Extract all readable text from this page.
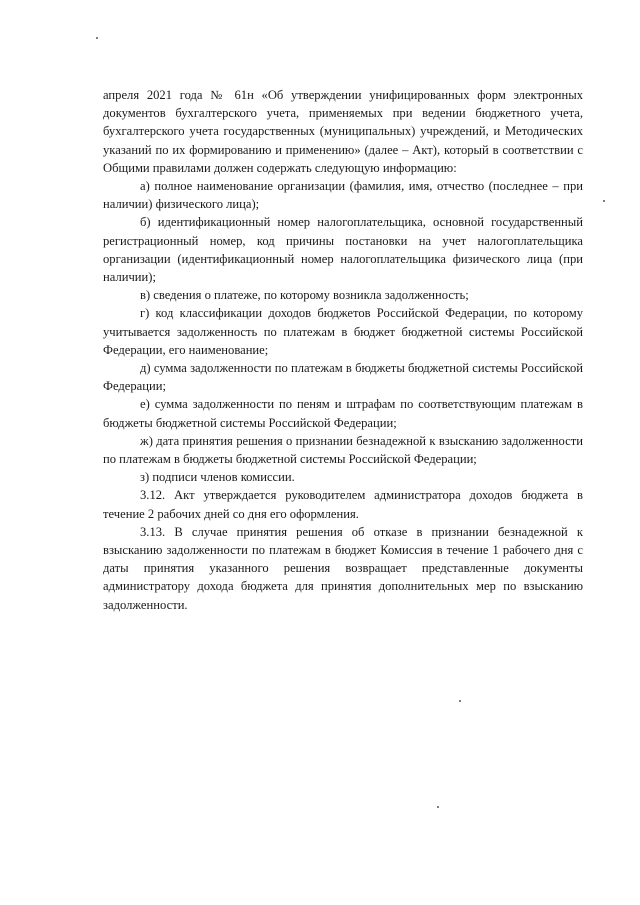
апреля 2021 года № 61н «Об утверждении унифицированных форм электронных документов бухгалтерского учета, применяемых при ведении бюджетного учета, бухгалтерского учета государственных (муниципальных) учреждений, и Методических указаний по их формированию и применению» (далее – Акт), который в соответствии с Общими правилами должен содержать следующую информацию:

а) полное наименование организации (фамилия, имя, отчество (последнее – при наличии) физического лица);

б) идентификационный номер налогоплательщика, основной государственный регистрационный номер, код причины постановки на учет налогоплательщика организации (идентификационный номер налогоплательщика физического лица (при наличии);

в) сведения о платеже, по которому возникла задолженность;

г) код классификации доходов бюджетов Российской Федерации, по которому учитывается задолженность по платежам в бюджет бюджетной системы Российской Федерации, его наименование;

д) сумма задолженности по платежам в бюджеты бюджетной системы Российской Федерации;

е) сумма задолженности по пеням и штрафам по соответствующим платежам в бюджеты бюджетной системы Российской Федерации;

ж) дата принятия решения о признании безнадежной к взысканию задолженности по платежам в бюджеты бюджетной системы Российской Федерации;

з) подписи членов комиссии.

3.12. Акт утверждается руководителем администратора доходов бюджета в течение 2 рабочих дней со дня его оформления.

3.13. В случае принятия решения об отказе в признании безнадежной к взысканию задолженности по платежам в бюджет Комиссия в течение 1 рабочего дня с даты принятия указанного решения возвращает представленные документы администратору дохода бюджета для принятия дополнительных мер по взысканию задолженности.
